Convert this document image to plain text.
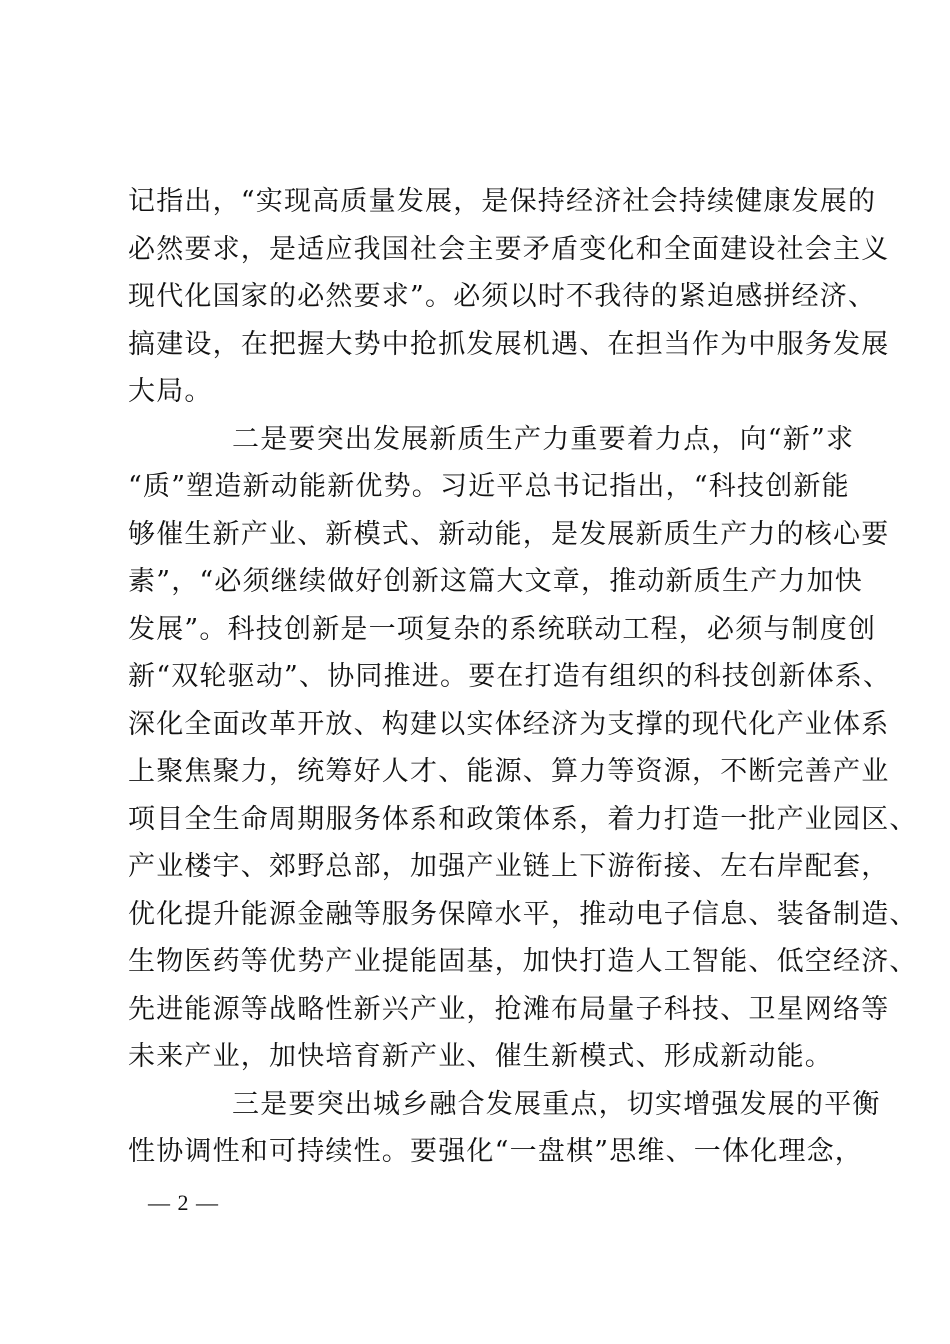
记指出，“实现高质量发展，是保持经济社会持续健康发展的
必然要求，是适应我国社会主要矛盾变化和全面建设社会主义
现代化国家的必然要求”。必须以时不我待的紧迫感拼经济、
搞建设，在把握大势中抢抓发展机遇、在担当作为中服务发展
大局。
二是要突出发展新质生产力重要着力点，向“新”求
“质”塑造新动能新优势。习近平总书记指出，“科技创新能
够催生新产业、新模式、新动能，是发展新质生产力的核心要
素”，“必须继续做好创新这篇大文章，推动新质生产力加快
发展”。科技创新是一项复杂的系统联动工程，必须与制度创
新“双轮驱动”、协同推进。要在打造有组织的科技创新体系、
深化全面改革开放、构建以实体经济为支撑的现代化产业体系
上聚焦聚力，统筹好人才、能源、算力等资源，不断完善产业
项目全生命周期服务体系和政策体系，着力打造一批产业园区、
产业楼宇、郊野总部，加强产业链上下游衔接、左右岸配套，
优化提升能源金融等服务保障水平，推动电子信息、装备制造、
生物医药等优势产业提能固基，加快打造人工智能、低空经济、
先进能源等战略性新兴产业，抢滩布局量子科技、卫星网络等
未来产业，加快培育新产业、催生新模式、形成新动能。
三是要突出城乡融合发展重点，切实增强发展的平衡
性协调性和可持续性。要强化“一盘棋”思维、一体化理念，
— 2 —
